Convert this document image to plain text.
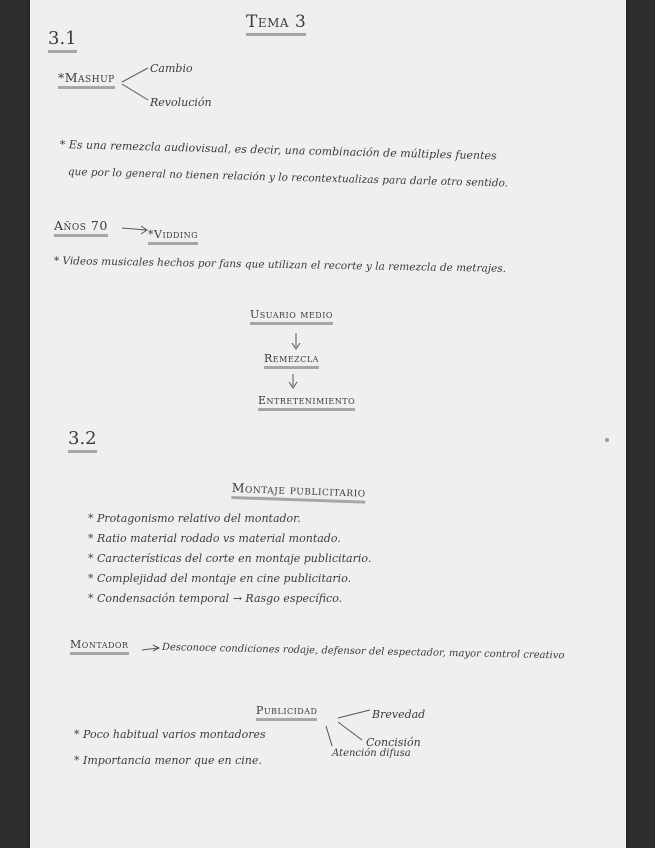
Tema 3
3.1
*Mashup
Cambio
Revolución
* Es una remezcla audiovisual, es decir, una combinación de múltiples fuentes
que por lo general no tienen relación y lo recontextualizas para darle otro sentido.
Años 70
*Vidding
* Videos musicales hechos por fans que utilizan el recorte y la remezcla de metrajes.
Usuario medio
Remezcla
Entretenimiento
3.2
Montaje publicitario
* Protagonismo relativo del montador.
* Ratio material rodado vs material montado.
* Características del corte en montaje publicitario.
* Complejidad del montaje en cine publicitario.
* Condensación temporal → Rasgo específico.
Montador	Desconoce condiciones rodaje, defensor del espectador, mayor control creativo
Publicidad	Brevedad
Concisión
Atención difusa
* Poco habitual varios montadores
* Importancia menor que en cine.
